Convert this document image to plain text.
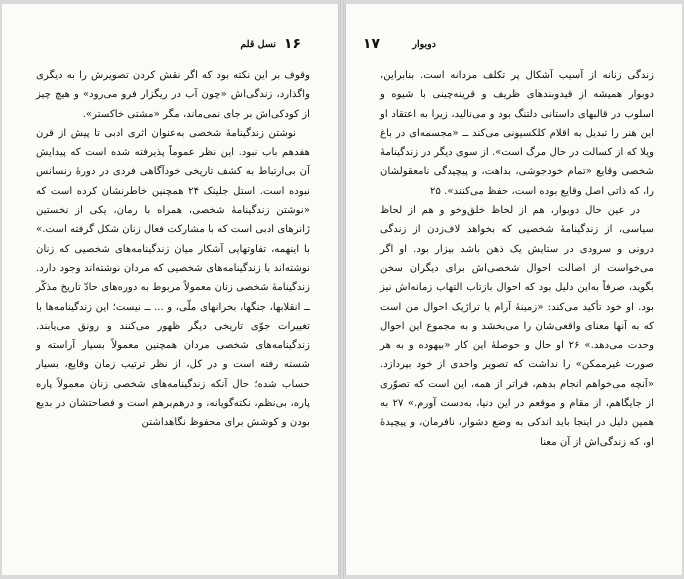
۱۶
نسل قلم

وقوف بر این نکته بود که اگر نقش کردن تصویرش را به دیگری واگذارد، زندگی‌اش «چون آب در ریگزار فرو می‌رود» و هیچ چیز از کودکی‌اش بر جای نمی‌ماند، مگر «مشتی خاکستر».

نوشتن زندگینامهٔ شخصی به‌عنوان اثری ادبی تا پیش از قرن هفدهم باب نبود. این نظر عموماً پذیرفته شده است که پیدایش آن بی‌ارتباط به کشف تاریخی خودآگاهی فردی در دورهٔ رنسانس نبوده است. استل جلینک ۲۴ همچنین خاطرنشان کرده است که «نوشتن زندگینامهٔ شخصی، همراه با رمان، یکی از نخستین ژانرهای ادبی است که با مشارکت فعال زنان شکل گرفته است.» با اینهمه، تفاوتهایی آشکار میان زندگینامه‌های شخصیی که زنان نوشته‌اند با زندگینامه‌های شخصیی که مردان نوشته‌اند وجود دارد. زندگینامهٔ شخصی زنان معمولاً مربوط به دوره‌های حادّ تاریخ مذکّر ــ انقلابها، جنگها، بحرانهای ملّی، و ... ــ نیست؛ این زندگینامه‌ها با تغییرات جوّی تاریخی دیگر ظهور می‌کنند و رونق می‌یابند. زندگینامه‌های شخصی مردان همچنین معمولاً بسیار آراسته و شسته رفته است و در کل، از نظر ترتیب زمان وقایع، بسیار حساب شده؛ حال آنکه زندگینامه‌های شخصی زنان معمولاً پاره پاره، بی‌نظم، نکته‌گویانه، و درهم‌برهم است و فصاحتشان در بدیع بودن و کوشش برای محفوظ نگاهداشتن

۱۷	دوبوار

زندگی زنانه از آسیب آشکال پر تکلف مردانه است. بنابراین، دوبوار همیشه از قیدوبندهای ظریف و قرینه‌چینی با شیوه و اسلوب در قالبهای داستانی دلتنگ بود و می‌نالید، زیرا به اعتقاد او این هنر را تبدیل به اقلام کلکسیونی می‌کند ــ «مجسمه‌ای در باغ ویلا که از کسالت در حال مرگ است». از سوی دیگر در زندگینامهٔ شخصی وقایع «تمام خودجوشی، بداهت، و پیچیدگی نامعقولشان را، که ذاتی اصل وقایع بوده است، حفظ می‌کنند». ۲۵

در عین حال دوبوار، هم از لحاظ خلق‌وخو و هم از لحاظ سیاسی، از زندگینامهٔ شخصیی که بخواهد لاف‌زدن از زندگی درونی و سرودی در ستایش یک ذهن باشد بیزار بود. او اگر می‌خواست از اصالت احوال شخصی‌اش برای دیگران سخن بگوید، صرفاً به‌این دلیل بود که احوال بازتاب التهاب زمانه‌اش نیز بود. او خود تأکید می‌کند: «زمینهٔ آرام یا تراژیک احوال من است که به آنها معنای واقعی‌شان را می‌بخشد و به مجموع این احوال وحدت می‌دهد.» ۲۶ او حال و حوصلهٔ این کار «بیهوده و به هر صورت غیرممکن» را نداشت که تصویر واحدی از خود بپردازد. «آنچه می‌خواهم انجام بدهم، فراتر از همه، این است که تصوّری از جایگاهم، از مقام و موقعم در این دنیا، به‌دست آورم.» ۲۷ به همین دلیل در اینجا باید اندکی به وضع دشوار، نافرمان، و پیچیدهٔ او، که زندگی‌اش از آن معنا
